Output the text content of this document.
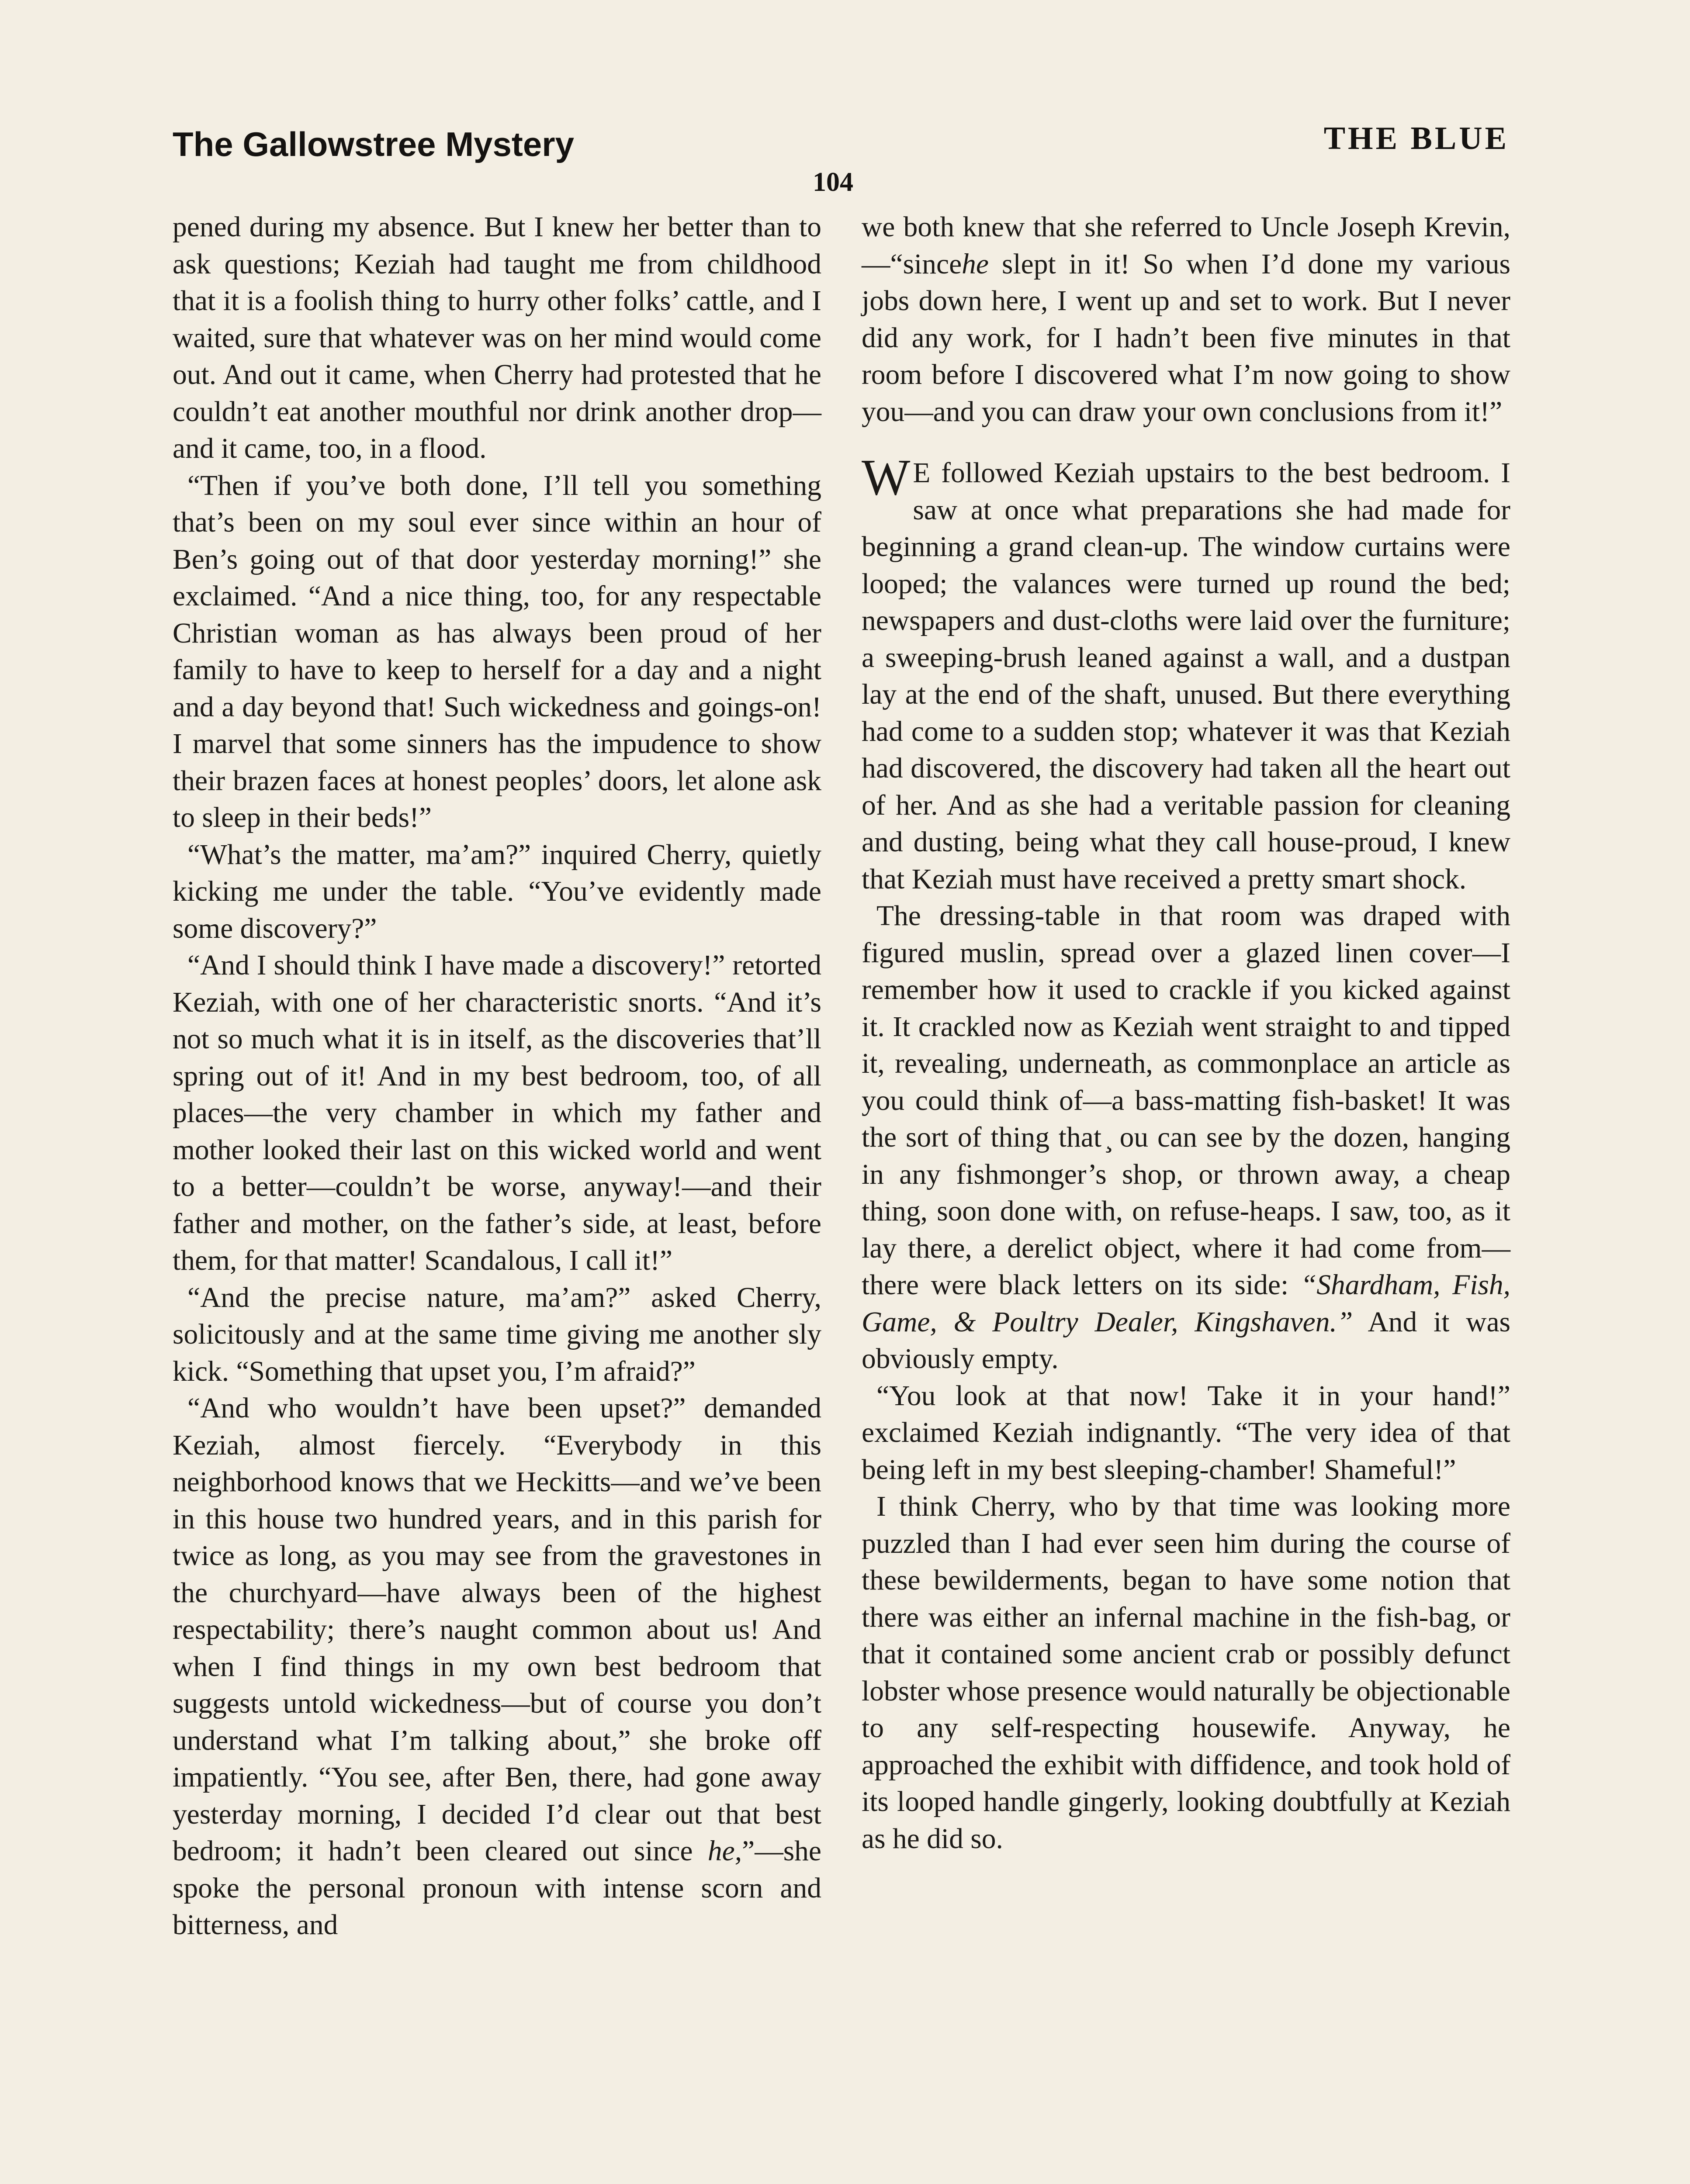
The Gallowstree Mystery	THE BLUE
104

pened during my absence. But I knew her better than to ask questions; Keziah had taught me from childhood that it is a foolish thing to hurry other folks’ cattle, and I waited, sure that whatever was on her mind would come out. And out it came, when Cherry had protested that he couldn’t eat another mouthful nor drink another drop—and it came, too, in a flood.

“Then if you’ve both done, I’ll tell you something that’s been on my soul ever since within an hour of Ben’s going out of that door yesterday morning!” she exclaimed. “And a nice thing, too, for any respectable Christian woman as has always been proud of her family to have to keep to herself for a day and a night and a day beyond that! Such wickedness and goings-on! I marvel that some sinners has the impudence to show their brazen faces at honest peoples’ doors, let alone ask to sleep in their beds!”

“What’s the matter, ma’am?” inquired Cherry, quietly kicking me under the table. “You’ve evidently made some discovery?”

“And I should think I have made a discovery!” retorted Keziah, with one of her characteristic snorts. “And it’s not so much what it is in itself, as the discoveries that’ll spring out of it! And in my best bedroom, too, of all places—the very chamber in which my father and mother looked their last on this wicked world and went to a better—couldn’t be worse, anyway!—and their father and mother, on the father’s side, at least, before them, for that matter! Scandalous, I call it!”

“And the precise nature, ma’am?” asked Cherry, solicitously and at the same time giving me another sly kick. “Something that upset you, I’m afraid?”

“And who wouldn’t have been upset?” demanded Keziah, almost fiercely. “Everybody in this neighborhood knows that we Heckitts—and we’ve been in this house two hundred years, and in this parish for twice as long, as you may see from the gravestones in the churchyard—have always been of the highest respectability; there’s naught common about us! And when I find things in my own best bedroom that suggests untold wickedness—but of course you don’t understand what I’m talking about,” she broke off impatiently. “You see, after Ben, there, had gone away yesterday morning, I decided I’d clear out that best bedroom; it hadn’t been cleared out since he,”—she spoke the personal pronoun with intense scorn and bitterness, and

we both knew that she referred to Uncle Joseph Krevin,—“sincehe slept in it! So when I’d done my various jobs down here, I went up and set to work. But I never did any work, for I hadn’t been five minutes in that room before I discovered what I’m now going to show you—and you can draw your own conclusions from it!”

W E followed Keziah upstairs to the best bedroom. I saw at once what preparations she had made for beginning a grand clean-up. The window curtains were looped; the valances were turned up round the bed; newspapers and dust-cloths were laid over the furniture; a sweeping-brush leaned against a wall, and a dustpan lay at the end of the shaft, unused. But there everything had come to a sudden stop; whatever it was that Keziah had discovered, the discovery had taken all the heart out of her. And as she had a veritable passion for cleaning and dusting, being what they call house-proud, I knew that Keziah must have received a pretty smart shock.

The dressing-table in that room was draped with figured muslin, spread over a glazed linen cover—I remember how it used to crackle if you kicked against it. It crackled now as Keziah went straight to and tipped it, revealing, underneath, as commonplace an article as you could think of—a bass-matting fish-basket! It was the sort of thing that ̧ ou can see by the dozen, hanging in any fishmonger’s shop, or thrown away, a cheap thing, soon done with, on refuse-heaps. I saw, too, as it lay there, a derelict object, where it had come from—there were black letters on its side: “Shardham, Fish, Game, & Poultry Dealer, Kingshaven.” And it was obviously empty.

“You look at that now! Take it in your hand!” exclaimed Keziah indignantly. “The very idea of that being left in my best sleeping-chamber! Shameful!”

I think Cherry, who by that time was looking more puzzled than I had ever seen him during the course of these bewilderments, began to have some notion that there was either an infernal machine in the fish-bag, or that it contained some ancient crab or possibly defunct lobster whose presence would naturally be objectionable to any self-respecting housewife. Anyway, he approached the exhibit with diffidence, and took hold of its looped handle gingerly, looking doubtfully at Keziah as he did so.
